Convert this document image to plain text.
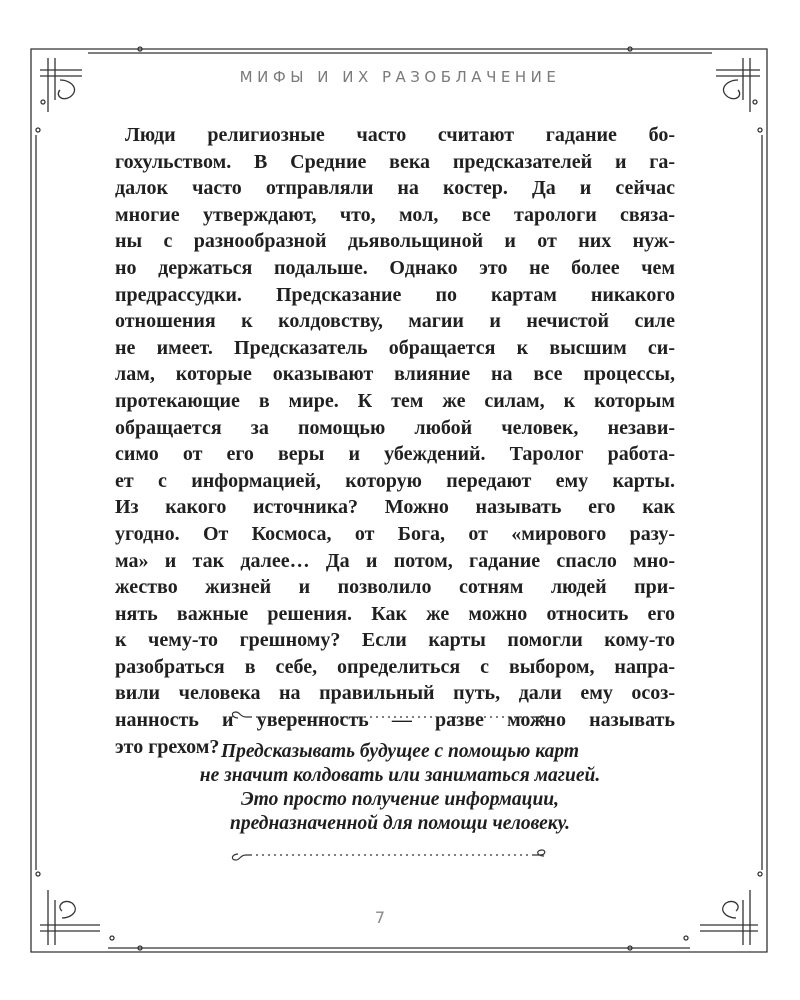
МИФЫ И ИХ РАЗОБЛАЧЕНИЕ
Люди религиозные часто считают гадание бо-
гохульством. В Средние века предсказателей и га-
далок часто отправляли на костер. Да и сейчас
многие утверждают, что, мол, все тарологи связа-
ны с разнообразной дьявольщиной и от них нуж-
но держаться подальше. Однако это не более чем
предрассудки. Предсказание по картам никакого
отношения к колдовству, магии и нечистой силе
не имеет. Предсказатель обращается к высшим си-
лам, которые оказывают влияние на все процессы,
протекающие в мире. К тем же силам, к которым
обращается за помощью любой человек, незави-
симо от его веры и убеждений. Таролог работа-
ет с информацией, которую передают ему карты.
Из какого источника? Можно называть его как
угодно. От Космоса, от Бога, от «мирового разу-
ма» и так далее… Да и потом, гадание спасло мно-
жество жизней и позволило сотням людей при-
нять важные решения. Как же можно относить его
к чему-то грешному? Если карты помогли кому-то
разобраться в себе, определиться с выбором, напра-
вили человека на правильный путь, дали ему осоз-
нанность и уверенность — разве можно называть
это грехом? Предсказывать будущее с помощью карт
не значит колдовать или заниматься магией.
Это просто получение информации,
предназначенной для помощи человеку.
7
